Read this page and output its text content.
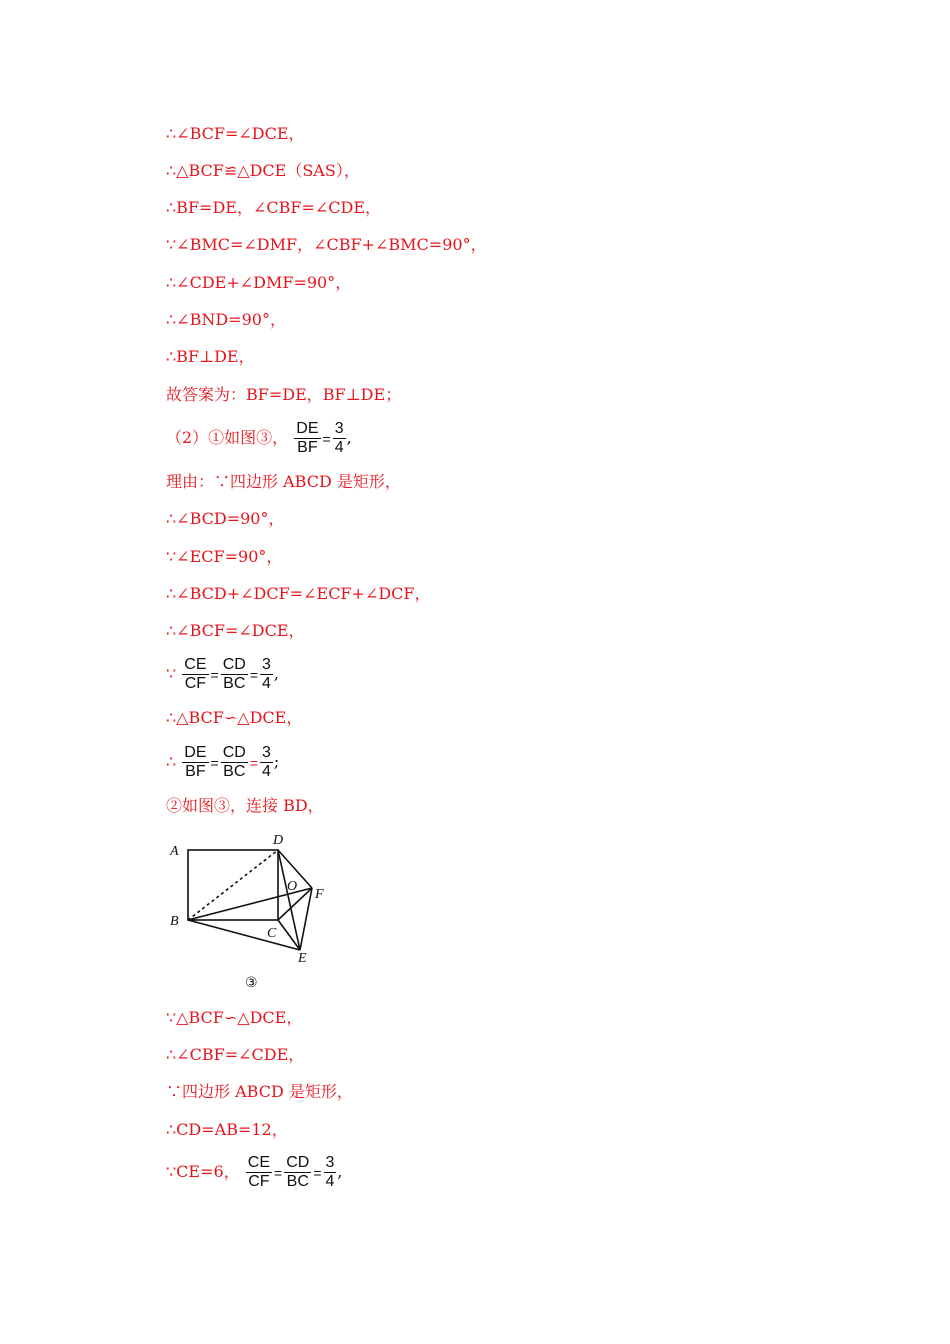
∴∠BCF=∠DCE，
∴△BCF≌△DCE（SAS），
∴BF=DE，∠CBF=∠CDE，
∵∠BMC=∠DMF，∠CBF+∠BMC=90°，
∴∠CDE+∠DMF=90°，
∴∠BND=90°，
∴BF⊥DE，
故答案为：BF=DE，BF⊥DE；
（2）①如图③， $\frac{DE}{BF} = \frac{3}{4}$ ,
理由：∵四边形 ABCD 是矩形，
∴∠BCD=90°，
∵∠ECF=90°，
∴∠BCD+∠DCF=∠ECF+∠DCF，
∴∠BCF=∠DCE，
∵ $\frac{CE}{CF} = \frac{CD}{BC} = \frac{3}{4}$ ,
∴△BCF∽△DCE，
∴ $\frac{DE}{BF} = \frac{CD}{BC} = \frac{3}{4}$ ;
②如图③，连接 BD，
A
B
C
D
E
F
O
③
∵△BCF∽△DCE，
∴∠CBF=∠CDE，
∵四边形 ABCD 是矩形，
∴CD=AB=12，
∵CE=6， $\frac{CE}{CF} = \frac{CD}{BC} = \frac{3}{4}$ ,
